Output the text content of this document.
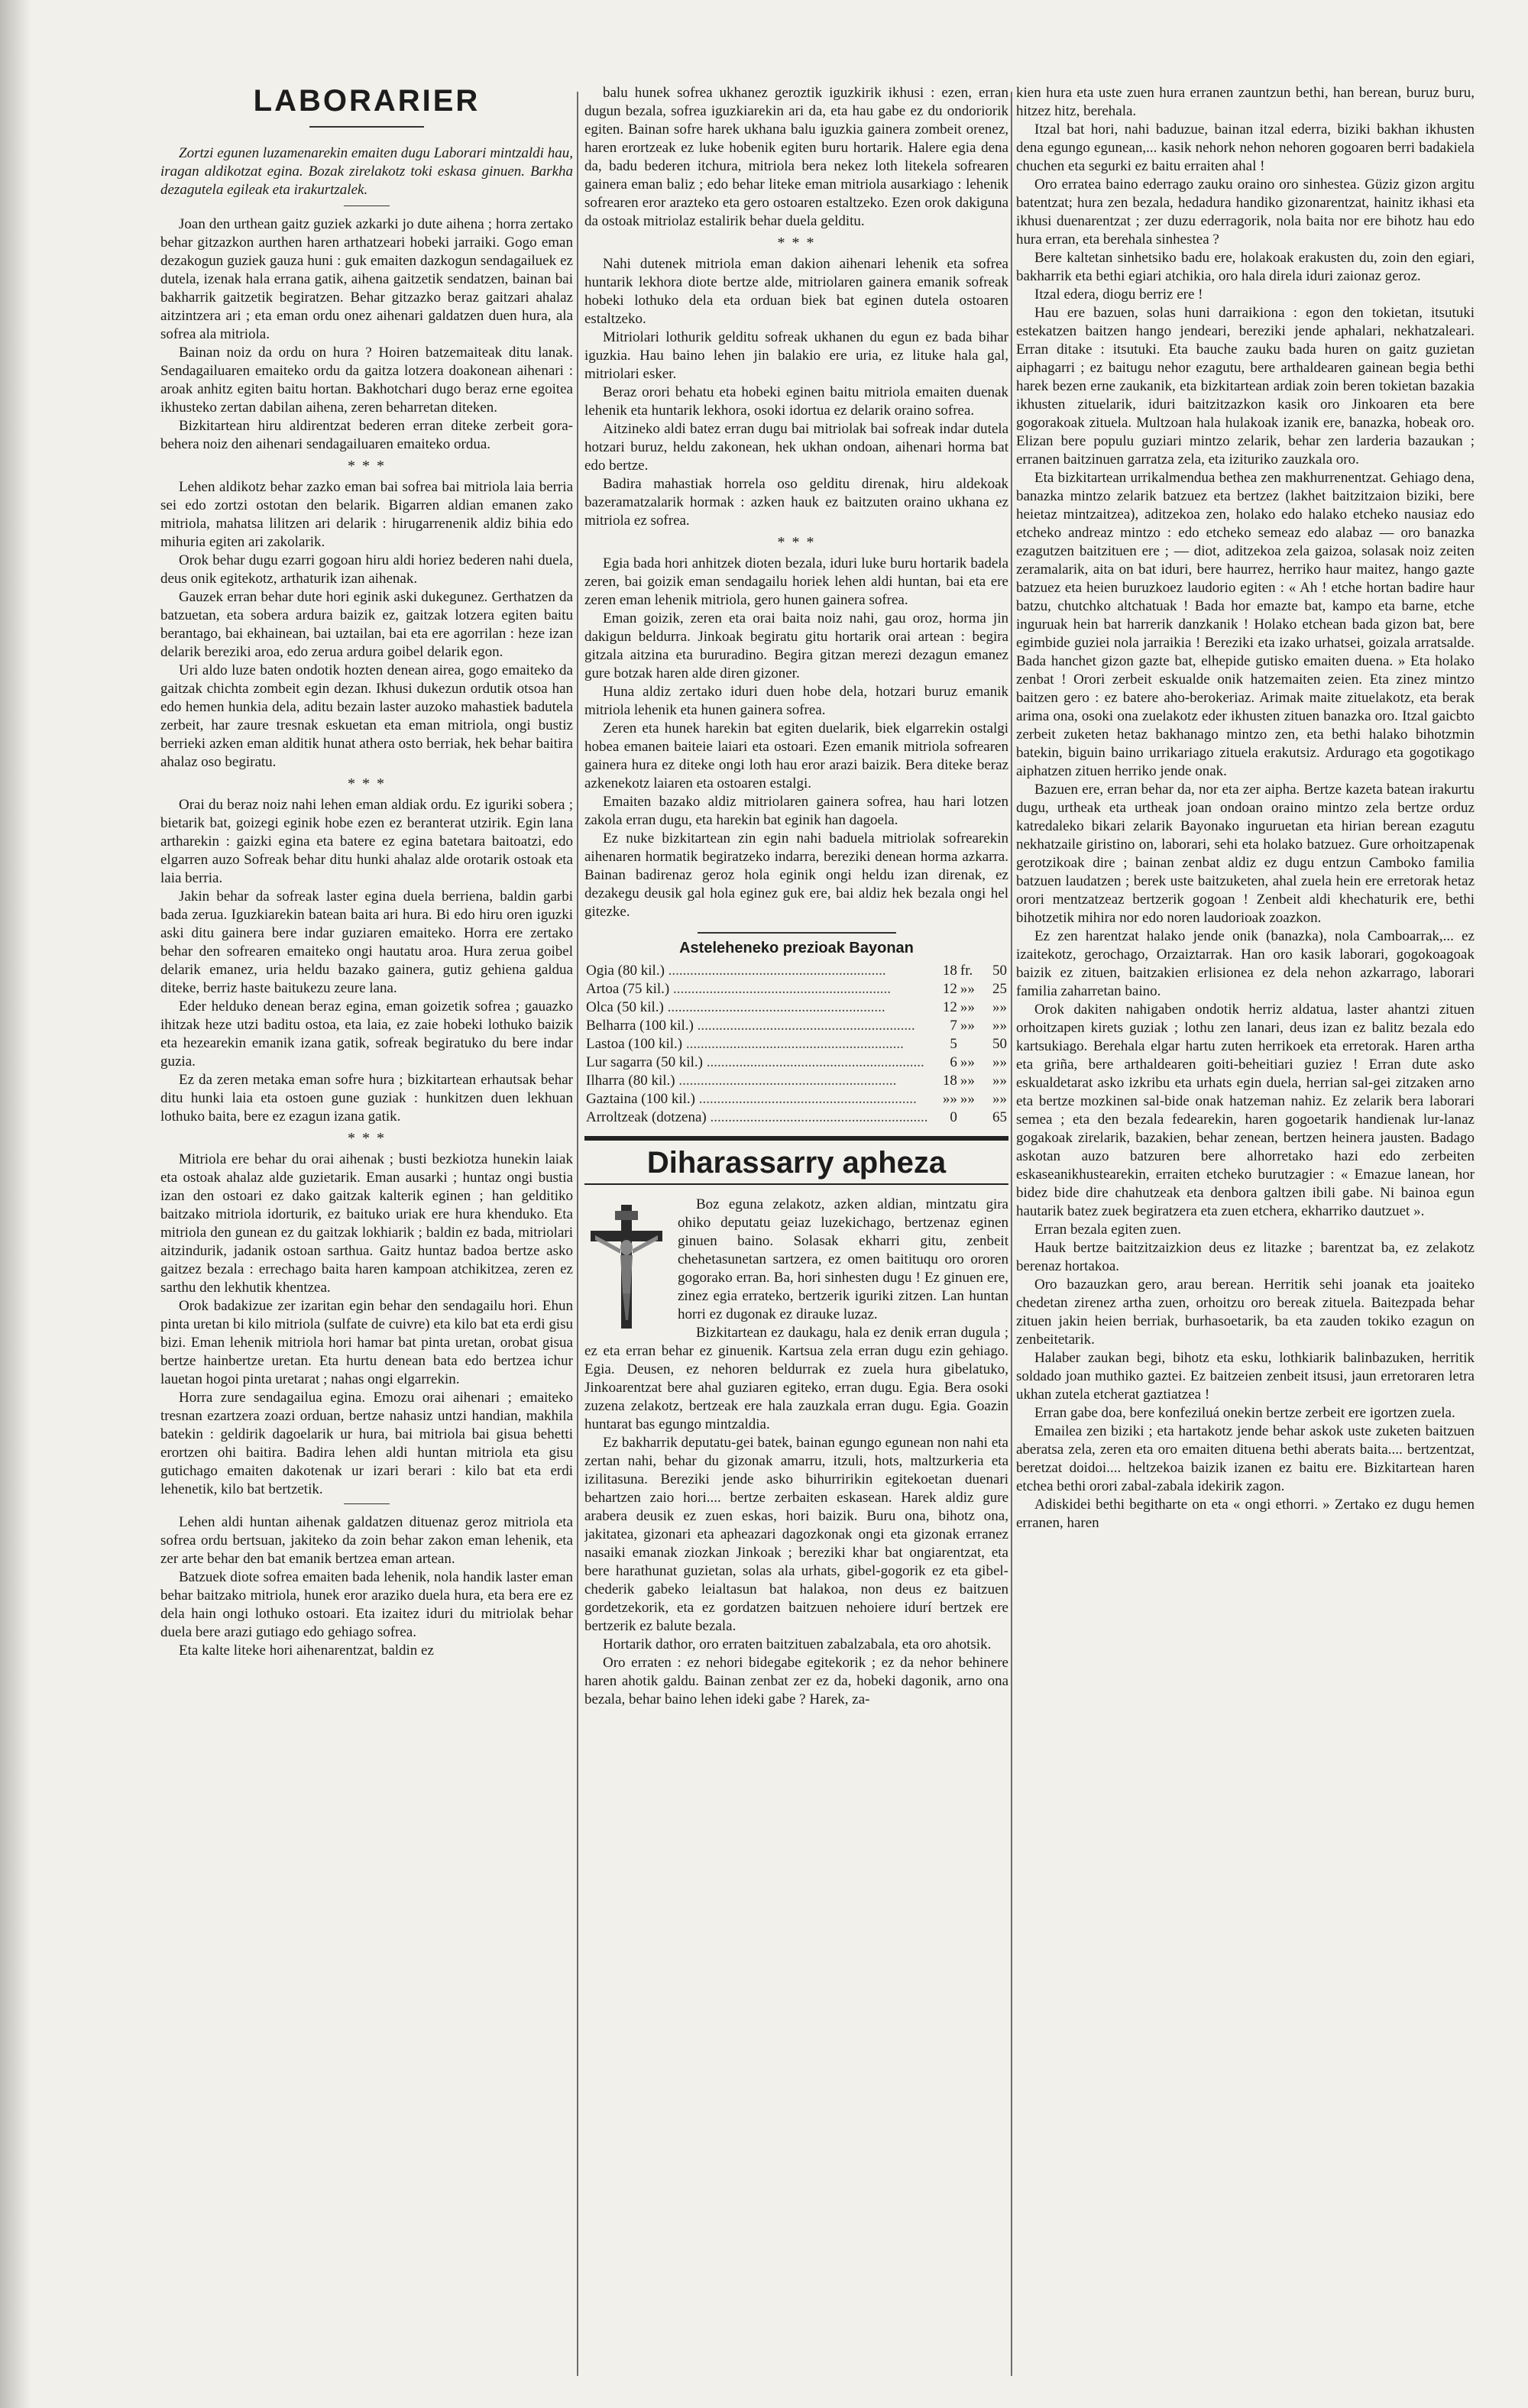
LABORARIER

Zortzi egunen luzamenarekin emaiten dugu Laborari mintzaldi hau, iragan aldikotzat egina. Bozak zirelakotz toki eskasa ginuen. Barkha dezagutela egileak eta irakurtzalek.

Joan den urthean gaitz guziek azkarki jo dute aihena ; horra zertako behar gitzazkon aurthen haren arthatzeari hobeki jarraiki. Gogo eman dezakogun guziek gauza huni : guk emaiten dazkogun sendagailuek ez dutela, izenak hala errana gatik, aihena gaitzetik sendatzen, bainan bai bakharrik gaitzetik begiratzen. Behar gitzazko beraz gaitzari ahalaz aitzintzera ari ; eta eman ordu onez aihenari galdatzen duen hura, ala sofrea ala mitriola.

Bainan noiz da ordu on hura ? Hoiren batzemaiteak ditu lanak. Sendagailuaren emaiteko ordu da gaitza lotzera doakonean aihenari : aroak anhitz egiten baitu hortan. Bakhotchari dugo beraz erne egoitea ikhusteko zertan dabilan aihena, zeren beharretan diteken.

Bizkitartean hiru aldirentzat bederen erran diteke zerbeit gora-behera noiz den aihenari sendagailuaren emaiteko ordua.

* * *

Lehen aldikotz behar zazko eman bai sofrea bai mitriola laia berria sei edo zortzi ostotan den belarik. Bigarren aldian emanen zako mitriola, mahatsa lilitzen ari delarik : hirugarrenenik aldiz bihia edo mihuria egiten ari zakolarik.

Orok behar dugu ezarri gogoan hiru aldi horiez bederen nahi duela, deus onik egitekotz, arthaturik izan aihenak.

Gauzek erran behar dute hori eginik aski dukegunez. Gerthatzen da batzuetan, eta sobera ardura baizik ez, gaitzak lotzera egiten baitu berantago, bai ekhainean, bai uztailan, bai eta ere agorrilan : heze izan delarik bereziki aroa, edo zerua ardura goibel delarik egon.

Uri aldo luze baten ondotik hozten denean airea, gogo emaiteko da gaitzak chichta zombeit egin dezan. Ikhusi dukezun ordutik otsoa han edo hemen hunkia dela, aditu bezain laster auzoko mahastiek badutela zerbeit, har zaure tresnak eskuetan eta eman mitriola, ongi bustiz berrieki azken eman alditik hunat athera osto berriak, hek behar baitira ahalaz oso begiratu.

* * *

Orai du beraz noiz nahi lehen eman aldiak ordu. Ez iguriki sobera ; bietarik bat, goizegi eginik hobe ezen ez beranterat utzirik. Egin lana artharekin : gaizki egina eta batere ez egina batetara baitoatzi, edo elgarren auzo Sofreak behar ditu hunki ahalaz alde orotarik ostoak eta laia berria.

Jakin behar da sofreak laster egina duela berriena, baldin garbi bada zerua. Iguzkiarekin batean baita ari hura. Bi edo hiru oren iguzki aski ditu gainera bere indar guziaren emaiteko. Horra ere zertako behar den sofrearen emaiteko ongi hautatu aroa. Hura zerua goibel delarik emanez, uria heldu bazako gainera, gutiz gehiena galdua diteke, berriz haste baitukezu zeure lana.

Eder helduko denean beraz egina, eman goizetik sofrea ; gauazko ihitzak heze utzi baditu ostoa, eta laia, ez zaie hobeki lothuko baizik eta hezearekin emanik izana gatik, sofreak begiratuko du bere indar guzia.

Ez da zeren metaka eman sofre hura ; bizkitartean erhautsak behar ditu hunki laia eta ostoen gune guziak : hunkitzen duen lekhuan lothuko baita, bere ez ezagun izana gatik.

* * *

Mitriola ere behar du orai aihenak ; busti bezkiotza hunekin laiak eta ostoak ahalaz alde guzietarik. Eman ausarki ; huntaz ongi bustia izan den ostoari ez dako gaitzak kalterik eginen ; han gelditiko baitzako mitriola idorturik, ez baituko uriak ere hura khenduko. Eta mitriola den gunean ez du gaitzak lokhiarik ; baldin ez bada, mitriolari aitzindurik, jadanik ostoan sarthua. Gaitz huntaz badoa bertze asko gaitzez bezala : errechago baita haren kampoan atchikitzea, zeren ez sarthu den lekhutik khentzea.

Orok badakizue zer izaritan egin behar den sendagailu hori. Ehun pinta uretan bi kilo mitriola (sulfate de cuivre) eta kilo bat eta erdi gisu bizi. Eman lehenik mitriola hori hamar bat pinta uretan, orobat gisua bertze hainbertze uretan. Eta hurtu denean bata edo bertzea ichur lauetan hogoi pinta uretarat ; nahas ongi elgarrekin.

Horra zure sendagailua egina. Emozu orai aihenari ; emaiteko tresnan ezartzera zoazi orduan, bertze nahasiz untzi handian, makhila batekin : geldirik dagoelarik ur hura, bai mitriola bai gisua behetti erortzen ohi baitira. Badira lehen aldi huntan mitriola eta gisu gutichago emaiten dakotenak ur izari berari : kilo bat eta erdi lehenetik, kilo bat bertzetik.

Lehen aldi huntan aihenak galdatzen dituenaz geroz mitriola eta sofrea ordu bertsuan, jakiteko da zoin behar zakon eman lehenik, eta zer arte behar den bat emanik bertzea eman artean.

Batzuek diote sofrea emaiten bada lehenik, nola handik laster eman behar baitzako mitriola, hunek eror araziko duela hura, eta bera ere ez dela hain ongi lothuko ostoari. Eta izaitez iduri du mitriolak behar duela bere arazi gutiago edo gehiago sofrea.

Eta kalte liteke hori aihenarentzat, baldin ez

balu hunek sofrea ukhanez geroztik iguzkirik ikhusi : ezen, erran dugun bezala, sofrea iguzkiarekin ari da, eta hau gabe ez du ondoriorik egiten. Bainan sofre harek ukhana balu iguzkia gainera zombeit orenez, haren erortzeak ez luke hobenik egiten buru hortarik. Halere egia dena da, badu bederen itchura, mitriola bera nekez loth litekela sofrearen gainera eman baliz ; edo behar liteke eman mitriola ausarkiago : lehenik sofrearen eror arazteko eta gero ostoaren estaltzeko. Ezen orok dakiguna da ostoak mitriolaz estalirik behar duela gelditu.

* * *

Nahi dutenek mitriola eman dakion aihenari lehenik eta sofrea huntarik lekhora diote bertze alde, mitriolaren gainera emanik sofreak hobeki lothuko dela eta orduan biek bat eginen dutela ostoaren estaltzeko.

Mitriolari lothurik gelditu sofreak ukhanen du egun ez bada bihar iguzkia. Hau baino lehen jin balakio ere uria, ez lituke hala gal, mitriolari esker.

Beraz orori behatu eta hobeki eginen baitu mitriola emaiten duenak lehenik eta huntarik lekhora, osoki idortua ez delarik oraino sofrea.

Aitzineko aldi batez erran dugu bai mitriolak bai sofreak indar dutela hotzari buruz, heldu zakonean, hek ukhan ondoan, aihenari horma bat edo bertze.

Badira mahastiak horrela oso gelditu direnak, hiru aldekoak bazeramatzalarik hormak : azken hauk ez baitzuten oraino ukhana ez mitriola ez sofrea.

* * *

Egia bada hori anhitzek dioten bezala, iduri luke buru hortarik badela zeren, bai goizik eman sendagailu horiek lehen aldi huntan, bai eta ere zeren eman lehenik mitriola, gero hunen gainera sofrea.

Eman goizik, zeren eta orai baita noiz nahi, gau oroz, horma jin dakigun beldurra. Jinkoak begiratu gitu hortarik orai artean : begira gitzala aitzina eta bururadino. Begira gitzan merezi dezagun emanez gure botzak haren alde diren gizoner.

Huna aldiz zertako iduri duen hobe dela, hotzari buruz emanik mitriola lehenik eta hunen gainera sofrea.

Zeren eta hunek harekin bat egiten duelarik, biek elgarrekin ostalgi hobea emanen baiteie laiari eta ostoari. Ezen emanik mitriola sofrearen gainera hura ez diteke ongi loth hau eror arazi baizik. Bera diteke beraz azkenekotz laiaren eta ostoaren estalgi.

Emaiten bazako aldiz mitriolaren gainera sofrea, hau hari lotzen zakola erran dugu, eta harekin bat eginik han dagoela.

Ez nuke bizkitartean zin egin nahi baduela mitriolak sofrearekin aihenaren hormatik begiratzeko indarra, bereziki denean horma azkarra. Bainan badirenaz geroz hola eginik ongi heldu izan direnak, ez dezakegu deusik gal hola eginez guk ere, bai aldiz hek bezala ongi hel gitezke.

Asteleheneko prezioak Bayonan
Ogia (80 kil.) ............................................................	18	fr.	50
Artoa (75 kil.) ............................................................	12	»»	25
Olca (50 kil.) ............................................................	12	»»	»»
Belharra (100 kil.) ............................................................	7	»»	»»
Lastoa (100 kil.) ............................................................	5		50
Lur sagarra (50 kil.) ............................................................	6	»»	»»
Ilharra (80 kil.) ............................................................	18	»»	»»
Gaztaina (100 kil.) ............................................................	»»	»»	»»
Arroltzeak (dotzena) ............................................................	0		65
Diharassarry apheza

Boz eguna zelakotz, azken aldian, mintzatu gira ohiko deputatu geiaz luzekichago, bertzenaz eginen ginuen baino. Solasak ekharri gitu, zenbeit chehetasunetan sartzera, ez omen baitituqu oro ororen gogorako erran. Ba, hori sinhesten dugu ! Ez ginuen ere, zinez egia errateko, bertzerik iguriki zitzen. Lan huntan horri ez dugonak ez dirauke luzaz.

Bizkitartean ez daukagu, hala ez denik erran dugula ; ez eta erran behar ez ginuenik. Kartsua zela erran dugu ezin gehiago. Egia. Deusen, ez nehoren beldurrak ez zuela hura gibelatuko, Jinkoarentzat bere ahal guziaren egiteko, erran dugu. Egia. Bera osoki zuzena zelakotz, bertzeak ere hala zauzkala erran dugu. Egia. Goazin huntarat bas egungo mintzaldia.

Ez bakharrik deputatu-gei batek, bainan egungo egunean non nahi eta zertan nahi, behar du gizonak amarru, itzuli, hots, maltzurkeria eta izilitasuna. Bereziki jende asko bihurririkin egitekoetan duenari behartzen zaio hori.... bertze zerbaiten eskasean. Harek aldiz gure arabera deusik ez zuen eskas, hori baizik. Buru ona, bihotz ona, jakitatea, gizonari eta apheazari dagozkonak ongi eta gizonak erranez nasaiki emanak ziozkan Jinkoak ; bereziki khar bat ongiarentzat, eta bere harathunat guzietan, solas ala urhats, gibel-gogorik ez eta gibel-chederik gabeko leialtasun bat halakoa, non deus ez baitzuen gordetzekorik, eta ez gordatzen baitzuen nehoiere idurí bertzek ere bertzerik ez balute bezala.

Hortarik dathor, oro erraten baitzituen zabalzabala, eta oro ahotsik.

Oro erraten : ez nehori bidegabe egitekorik ; ez da nehor behinere haren ahotik galdu. Bainan zenbat zer ez da, hobeki dagonik, arno ona bezala, behar baino lehen ideki gabe ? Harek, za-

kien hura eta uste zuen hura erranen zauntzun bethi, han berean, buruz buru, hitzez hitz, berehala.

Itzal bat hori, nahi baduzue, bainan itzal ederra, biziki bakhan ikhusten dena egungo egunean,... kasik nehork nehon nehoren gogoaren berri badakiela chuchen eta segurki ez baitu erraiten ahal !

Oro erratea baino ederrago zauku oraino oro sinhestea. Güziz gizon argitu batentzat; hura zen bezala, hedadura handiko gizonarentzat, hainitz ikhasi eta ikhusi duenarentzat ; zer duzu ederragorik, nola baita nor ere bihotz hau edo hura erran, eta berehala sinhestea ?

Bere kaltetan sinhetsiko badu ere, holakoak erakusten du, zoin den egiari, bakharrik eta bethi egiari atchikia, oro hala direla iduri zaionaz geroz.

Itzal edera, diogu berriz ere !

Hau ere bazuen, solas huni darraikiona : egon den tokietan, itsutuki estekatzen baitzen hango jendeari, bereziki jende aphalari, nekhatzaleari. Erran ditake : itsutuki. Eta bauche zauku bada huren on gaitz guzietan aiphagarri ; ez baitugu nehor ezagutu, bere arthaldearen gainean begia bethi harek bezen erne zaukanik, eta bizkitartean ardiak zoin beren tokietan bazakia ikhusten zituelarik, iduri baitzitzazkon kasik oro Jinkoaren eta bere gogorakoak zituela. Multzoan hala hulakoak izanik ere, banazka, hobeak oro. Elizan bere populu guziari mintzo zelarik, behar zen larderia bazaukan ; erranen baitzinuen garratza zela, eta izituriko zauzkala oro.

Eta bizkitartean urrikalmendua bethea zen makhurrenentzat. Gehiago dena, banazka mintzo zelarik batzuez eta bertzez (lakhet baitzitzaion biziki, bere heietaz mintzaitzea), aditzekoa zen, holako edo halako etcheko nausiaz edo etcheko andreaz mintzo : edo etcheko semeaz edo alabaz — oro banazka ezagutzen baitzituen ere ; — diot, aditzekoa zela gaizoa, solasak noiz zeiten zeramalarik, aita on bat iduri, bere haurrez, herriko haur maitez, hango gazte batzuez eta heien buruzkoez laudorio egiten : « Ah ! etche hortan badire haur batzu, chutchko altchatuak ! Bada hor emazte bat, kampo eta barne, etche inguruak hein bat harrerik danzkanik ! Holako etchean bada gizon bat, bere egimbide guziei nola jarraikia ! Bereziki eta izako urhatsei, goizala arratsalde. Bada hanchet gizon gazte bat, elhepide gutisko emaiten duena. » Eta holako zenbat ! Orori zerbeit eskualde onik hatzemaiten zeien. Eta zinez mintzo baitzen gero : ez batere aho-berokeriaz. Arimak maite zituelakotz, eta berak arima ona, osoki ona zuelakotz eder ikhusten zituen banazka oro. Itzal gaicbto zerbeit zuketen hetaz bakhanago mintzo zen, eta bethi halako bihotzmin batekin, biguin baino urrikariago zituela erakutsiz. Ardurago eta gogotikago aiphatzen zituen herriko jende onak.

Bazuen ere, erran behar da, nor eta zer aipha. Bertze kazeta batean irakurtu dugu, urtheak eta urtheak joan ondoan oraino mintzo zela bertze orduz katredaleko bikari zelarik Bayonako inguruetan eta hirian berean ezagutu nekhatzaile giristino on, laborari, sehi eta holako batzuez. Gure orhoitzapenak gerotzikoak dire ; bainan zenbat aldiz ez dugu entzun Camboko familia batzuen laudatzen ; berek uste baitzuketen, ahal zuela hein ere erretorak hetaz orori mentzatzeaz bertzerik gogoan ! Zenbeit aldi khechaturik ere, bethi bihotzetik mihira nor edo noren laudorioak zoazkon.

Ez zen harentzat halako jende onik (banazka), nola Camboarrak,... ez izaitekotz, gerochago, Orzaiztarrak. Han oro kasik laborari, gogokoagoak baizik ez zituen, baitzakien erlisionea ez dela nehon azkarrago, laborari familia zaharretan baino.

Orok dakiten nahigaben ondotik herriz aldatua, laster ahantzi zituen orhoitzapen kirets guziak ; lothu zen lanari, deus izan ez balitz bezala edo kartsukiago. Berehala elgar hartu zuten herrikoek eta erretorak. Haren artha eta griña, bere arthaldearen goiti-beheitiari guziez ! Erran dute asko eskualdetarat asko izkribu eta urhats egin duela, herrian sal-gei zitzaken arno eta bertze mozkinen sal-bide onak hatzeman nahiz. Ez zelarik bera laborari semea ; eta den bezala fedearekin, haren gogoetarik handienak lur-lanaz gogakoak zirelarik, bazakien, behar zenean, bertzen heinera jausten. Badago askotan auzo batzuren bere alhorretako hazi edo zerbeiten eskaseanikhustearekin, erraiten etcheko burutzagier : « Emazue lanean, hor bidez bide dire chahutzeak eta denbora galtzen ibili gabe. Ni bainoa egun hautarik batez zuek begiratzera eta zuen etchera, ekharriko dautzuet ».

Erran bezala egiten zuen.

Hauk bertze baitzitzaizkion deus ez litazke ; barentzat ba, ez zelakotz berenaz hortakoa.

Oro bazauzkan gero, arau berean. Herritik sehi joanak eta joaiteko chedetan zirenez artha zuen, orhoitzu oro bereak zituela. Baitezpada behar zituen jakin heien berriak, burhasoetarik, ba eta zauden tokiko ezagun on zenbeitetarik.

Halaber zaukan begi, bihotz eta esku, lothkiarik balinbazuken, herritik soldado joan muthiko gaztei. Ez baitzeien zenbeit itsusi, jaun erretoraren letra ukhan zutela etcherat gaztiatzea !

Erran gabe doa, bere konfeziluá onekin bertze zerbeit ere igortzen zuela.

Emailea zen biziki ; eta hartakotz jende behar askok uste zuketen baitzuen aberatsa zela, zeren eta oro emaiten dituena bethi aberats baita.... bertzentzat, beretzat doidoi.... heltzekoa baizik izanen ez baitu ere. Bizkitartean haren etchea bethi orori zabal-zabala idekirik zagon.

Adiskidei bethi begitharte on eta « ongi ethorri. » Zertako ez dugu hemen erranen, haren
